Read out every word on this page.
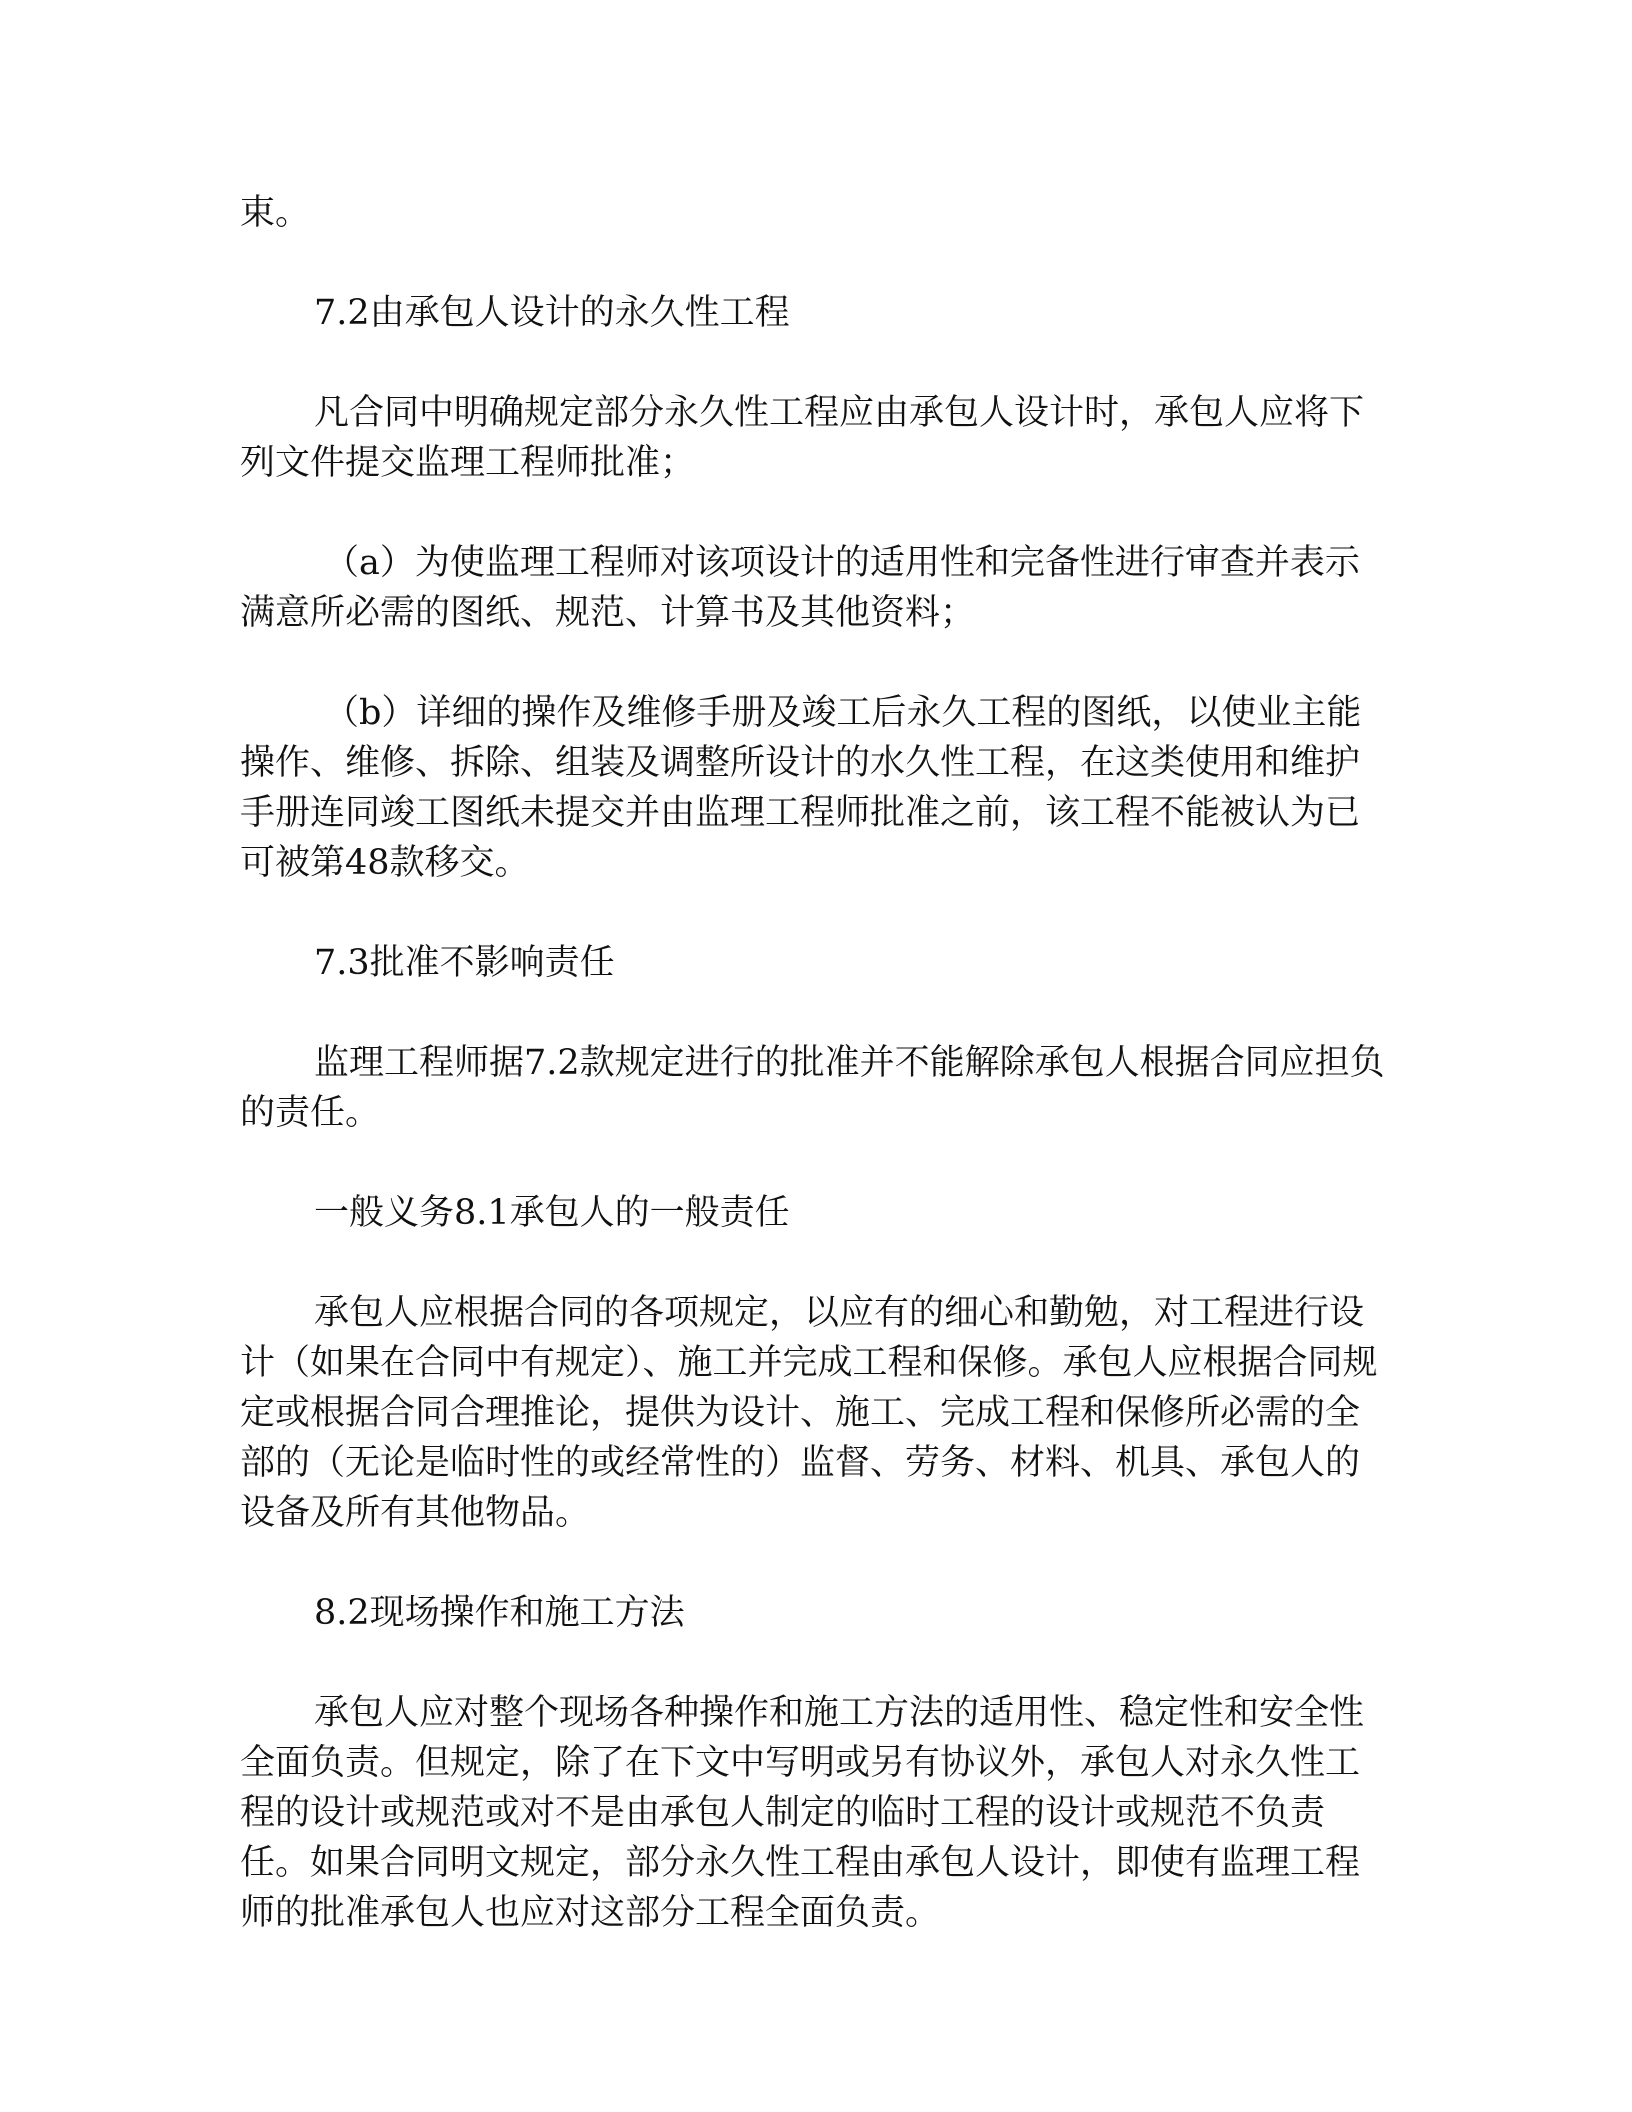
束。

7.2由承包人设计的永久性工程

凡合同中明确规定部分永久性工程应由承包人设计时，承包人应将下列文件提交监理工程师批准；

（a）为使监理工程师对该项设计的适用性和完备性进行审查并表示满意所必需的图纸、规范、计算书及其他资料；

（b）详细的操作及维修手册及竣工后永久工程的图纸，以使业主能操作、维修、拆除、组装及调整所设计的水久性工程，在这类使用和维护手册连同竣工图纸未提交并由监理工程师批准之前，该工程不能被认为已可被第48款移交。

7.3批准不影响责任

监理工程师据7.2款规定进行的批准并不能解除承包人根据合同应担负的责任。

一般义务8.1承包人的一般责任

承包人应根据合同的各项规定，以应有的细心和勤勉，对工程进行设计（如果在合同中有规定）、施工并完成工程和保修。承包人应根据合同规定或根据合同合理推论，提供为设计、施工、完成工程和保修所必需的全部的（无论是临时性的或经常性的）监督、劳务、材料、机具、承包人的设备及所有其他物品。

8.2现场操作和施工方法

承包人应对整个现场各种操作和施工方法的适用性、稳定性和安全性全面负责。但规定，除了在下文中写明或另有协议外，承包人对永久性工程的设计或规范或对不是由承包人制定的临时工程的设计或规范不负责任。如果合同明文规定，部分永久性工程由承包人设计，即使有监理工程师的批准承包人也应对这部分工程全面负责。
